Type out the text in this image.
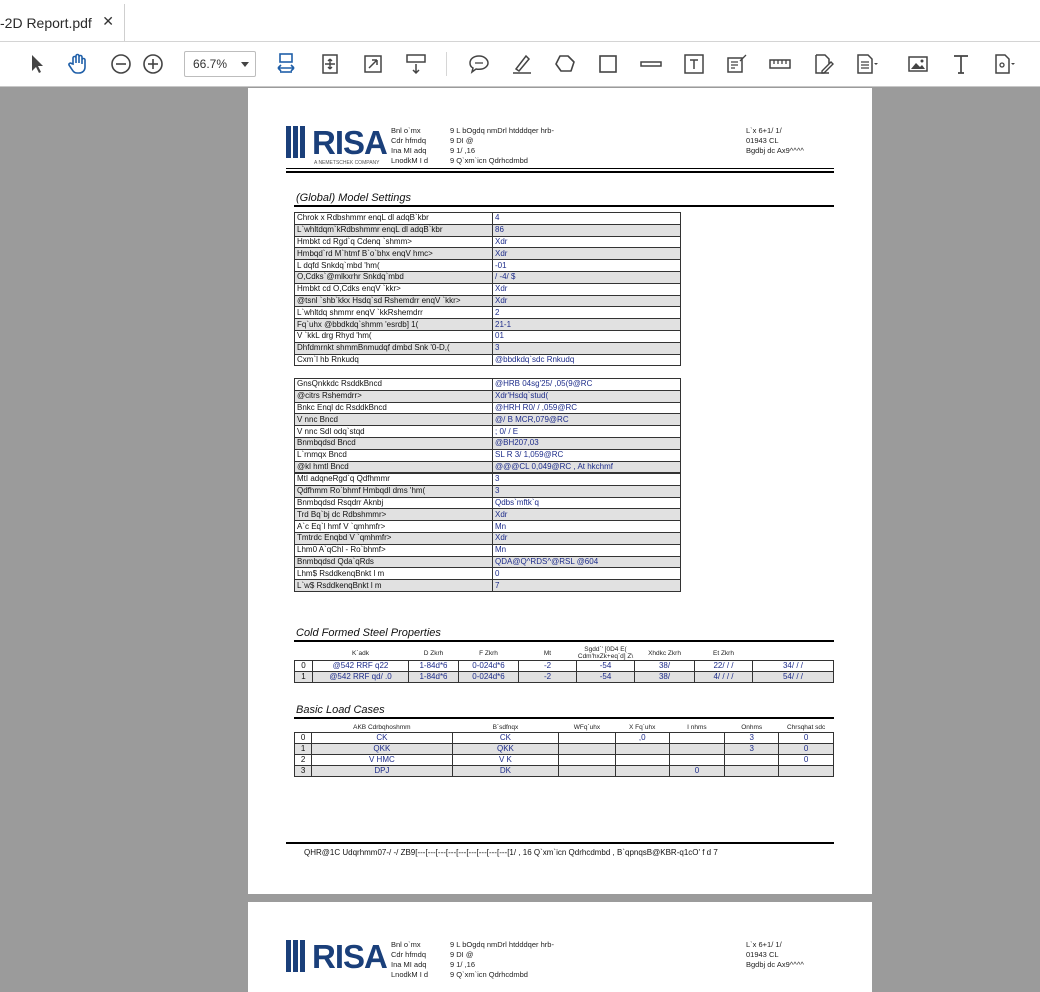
-2D Report.pdf ✕
66.7%
RISA
A NEMETSCHEK COMPANY
Bnl o`mx
Cdr hfmdq
Ina MI adq
LnodkM I d
9 L bOgdq nmDrl htdddqer hrb-
9 DI @
9 1/ ,16
9 Q`xm`icn Qdrhcdmbd
L`x 6+1/ 1/
01943 CL
Bgdbj dc Ax9^^^^
(Global) Model Settings
Chrok x Rdbshmmr enqL dl adqB`kbr	4
L`whltdqm`kRdbshmmr enqL dl adqB`kbr	86
Hmbkt cd Rgd`q Cdenq `shmm>	Xdr
Hmbqd`rd M`htmf B`o`bhx enqV hmc>	Xdr
L dqfd Snkdq`mbd 'hm(	-01
O,Cdks`@mlkxrhr Snkdq`mbd	/ -4/ $
Hmbkt cd O,Cdks enqV `kkr>	Xdr
@tsnl `shb`kkx Hsdq`sd Rshemdrr enqV `kkr>	Xdr
L`whltdq shmmr enqV `kkRshemdrr	2
Fq`uhx @bbdkdq`shmm 'esrdb] 1(	21-1
V `kkL drg Rhyd 'hm(	01
Dhfdmrnkt shmmBnmudqf dmbd Snk '0-D,(	3
Cxm`l hb Rnkudq	@bbdkdq`sdc Rnkudq
GnsQnkkdc RsddkBncd	@HRB 04sg'25/ ,05(9@RC
@citrs Rshemdrr>	Xdr'Hsdq`stud(
Bnkc Enql dc RsddkBncd	@HRH R0/ / ,059@RC
V nnc Bncd	@/ B MCR,079@RC
V nnc Sdl odq`stqd	; 0/ / E
Bnmbqdsd Bncd	@BH207,03
L`rnmqx Bncd	SL R 3/ 1,059@RC
@kl hmtl Bncd	@@@CL 0,049@RC , At hkchmf
MtI adqneRgd`q Qdfhmmr	3
Qdfhmm Ro`bhmf Hmbqdl dms 'hm(	3
Bnmbqdsd Rsqdrr Aknbj	Qdbs`mftk`q
Trd Bq`bj dc Rdbshmmr>	Xdr
A`c Eq`l hmf V `qmhmfr>	Mn
Tmtrdc Enqbd V `qmhmfr>	Xdr
Lhm0 A`qChl - Ro`bhmf>	Mn
Bnmbqdsd Qda`qRds	QDA@Q^RDS^@RSL @604
Lhm$ RsddkenqBnkt l m	0
L`w$ RsddkenqBnkt l m	7
Cold Formed Steel Properties
	K`adk	D Zkrh	F Zkrh	Mt	Sgdd`' [0D4 E( Cdm'hxZk+eq`d] Z\	Xhdkc Zkrh	Et Zkrh	
0	@542 RRF q22	1-84d*6	0-024d*6	-2	-54	38/	22/ / /	34/ / /
1	@542 RRF qd/ .0	1-84d*6	0-024d*6	-2	-54	38/	4/ / / /	54/ / /
Basic Load Cases
	AKB Cdrbqhoshmm	B`sdfnqx	WFq`uhx	X Fq`uhx	I nhms	Onhms	Chrsqhat sdc
0	CK	CK		,0		3	0
1	QKK	QKK				3	0
2	V HMC	V K					0
3	DPJ	DK			0		
QHR@1C Udqrhmm07-/ -/ ZB9[---[---[---[---[---[---[---[---[---[1/ , 16 Q`xm`icn Qdrhcdmbd , B`qpnqsB@KBR-q1cO' f d 7
RISA Bnl o`mx
Cdr hfmdq
Ina MI adq
LnodkM I d
9 L bOgdq nmDrl htdddqer hrb-
9 DI @
9 1/ ,16
9 Q`xm`icn Qdrhcdmbd
L`x 6+1/ 1/
01943 CL
Bgdbj dc Ax9^^^^
